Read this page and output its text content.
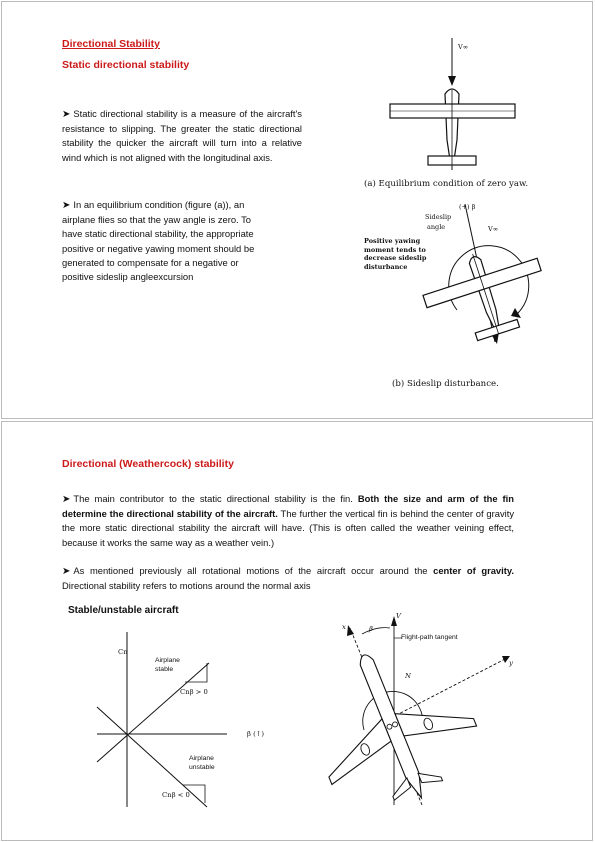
Directional Stability
Static directional stability
➤ Static directional stability is a measure of the aircraft's resistance to slipping. The greater the static directional stability the quicker the aircraft will turn into a relative wind which is not aligned with the longitudinal axis.
➤ In an equilibrium condition (figure (a)), an
airplane flies so that the yaw angle is zero. To
have static directional stability, the appropriate
positive or negative yawing moment should be
generated to compensate for a negative or
positive sideslip angleexcursion
V∞
(a) Equilibrium condition of zero yaw.
(+) β
Sideslip
angle	V∞
Positive yawing
moment tends to
decrease sideslip
disturbance
(b) Sideslip disturbance.
Directional (Weathercock) stability
➤ The main contributor to the static directional stability is the fin. Both the size and arm of the fin determine the directional stability of the aircraft. The further the vertical fin is behind the center of gravity the more static directional stability the aircraft will have. (This is often called the weather veining effect, because it works the same way as a weather vein.)
➤ As mentioned previously all rotational motions of the aircraft occur around the center of gravity. Directional stability refers to motions around the normal axis
Stable/unstable aircraft
Cn
Airplane
stable
Cnβ > 0
β (↑)
Airplane
unstable
Cnβ < 0
V
x	β
Flight-path tangent
y
N
